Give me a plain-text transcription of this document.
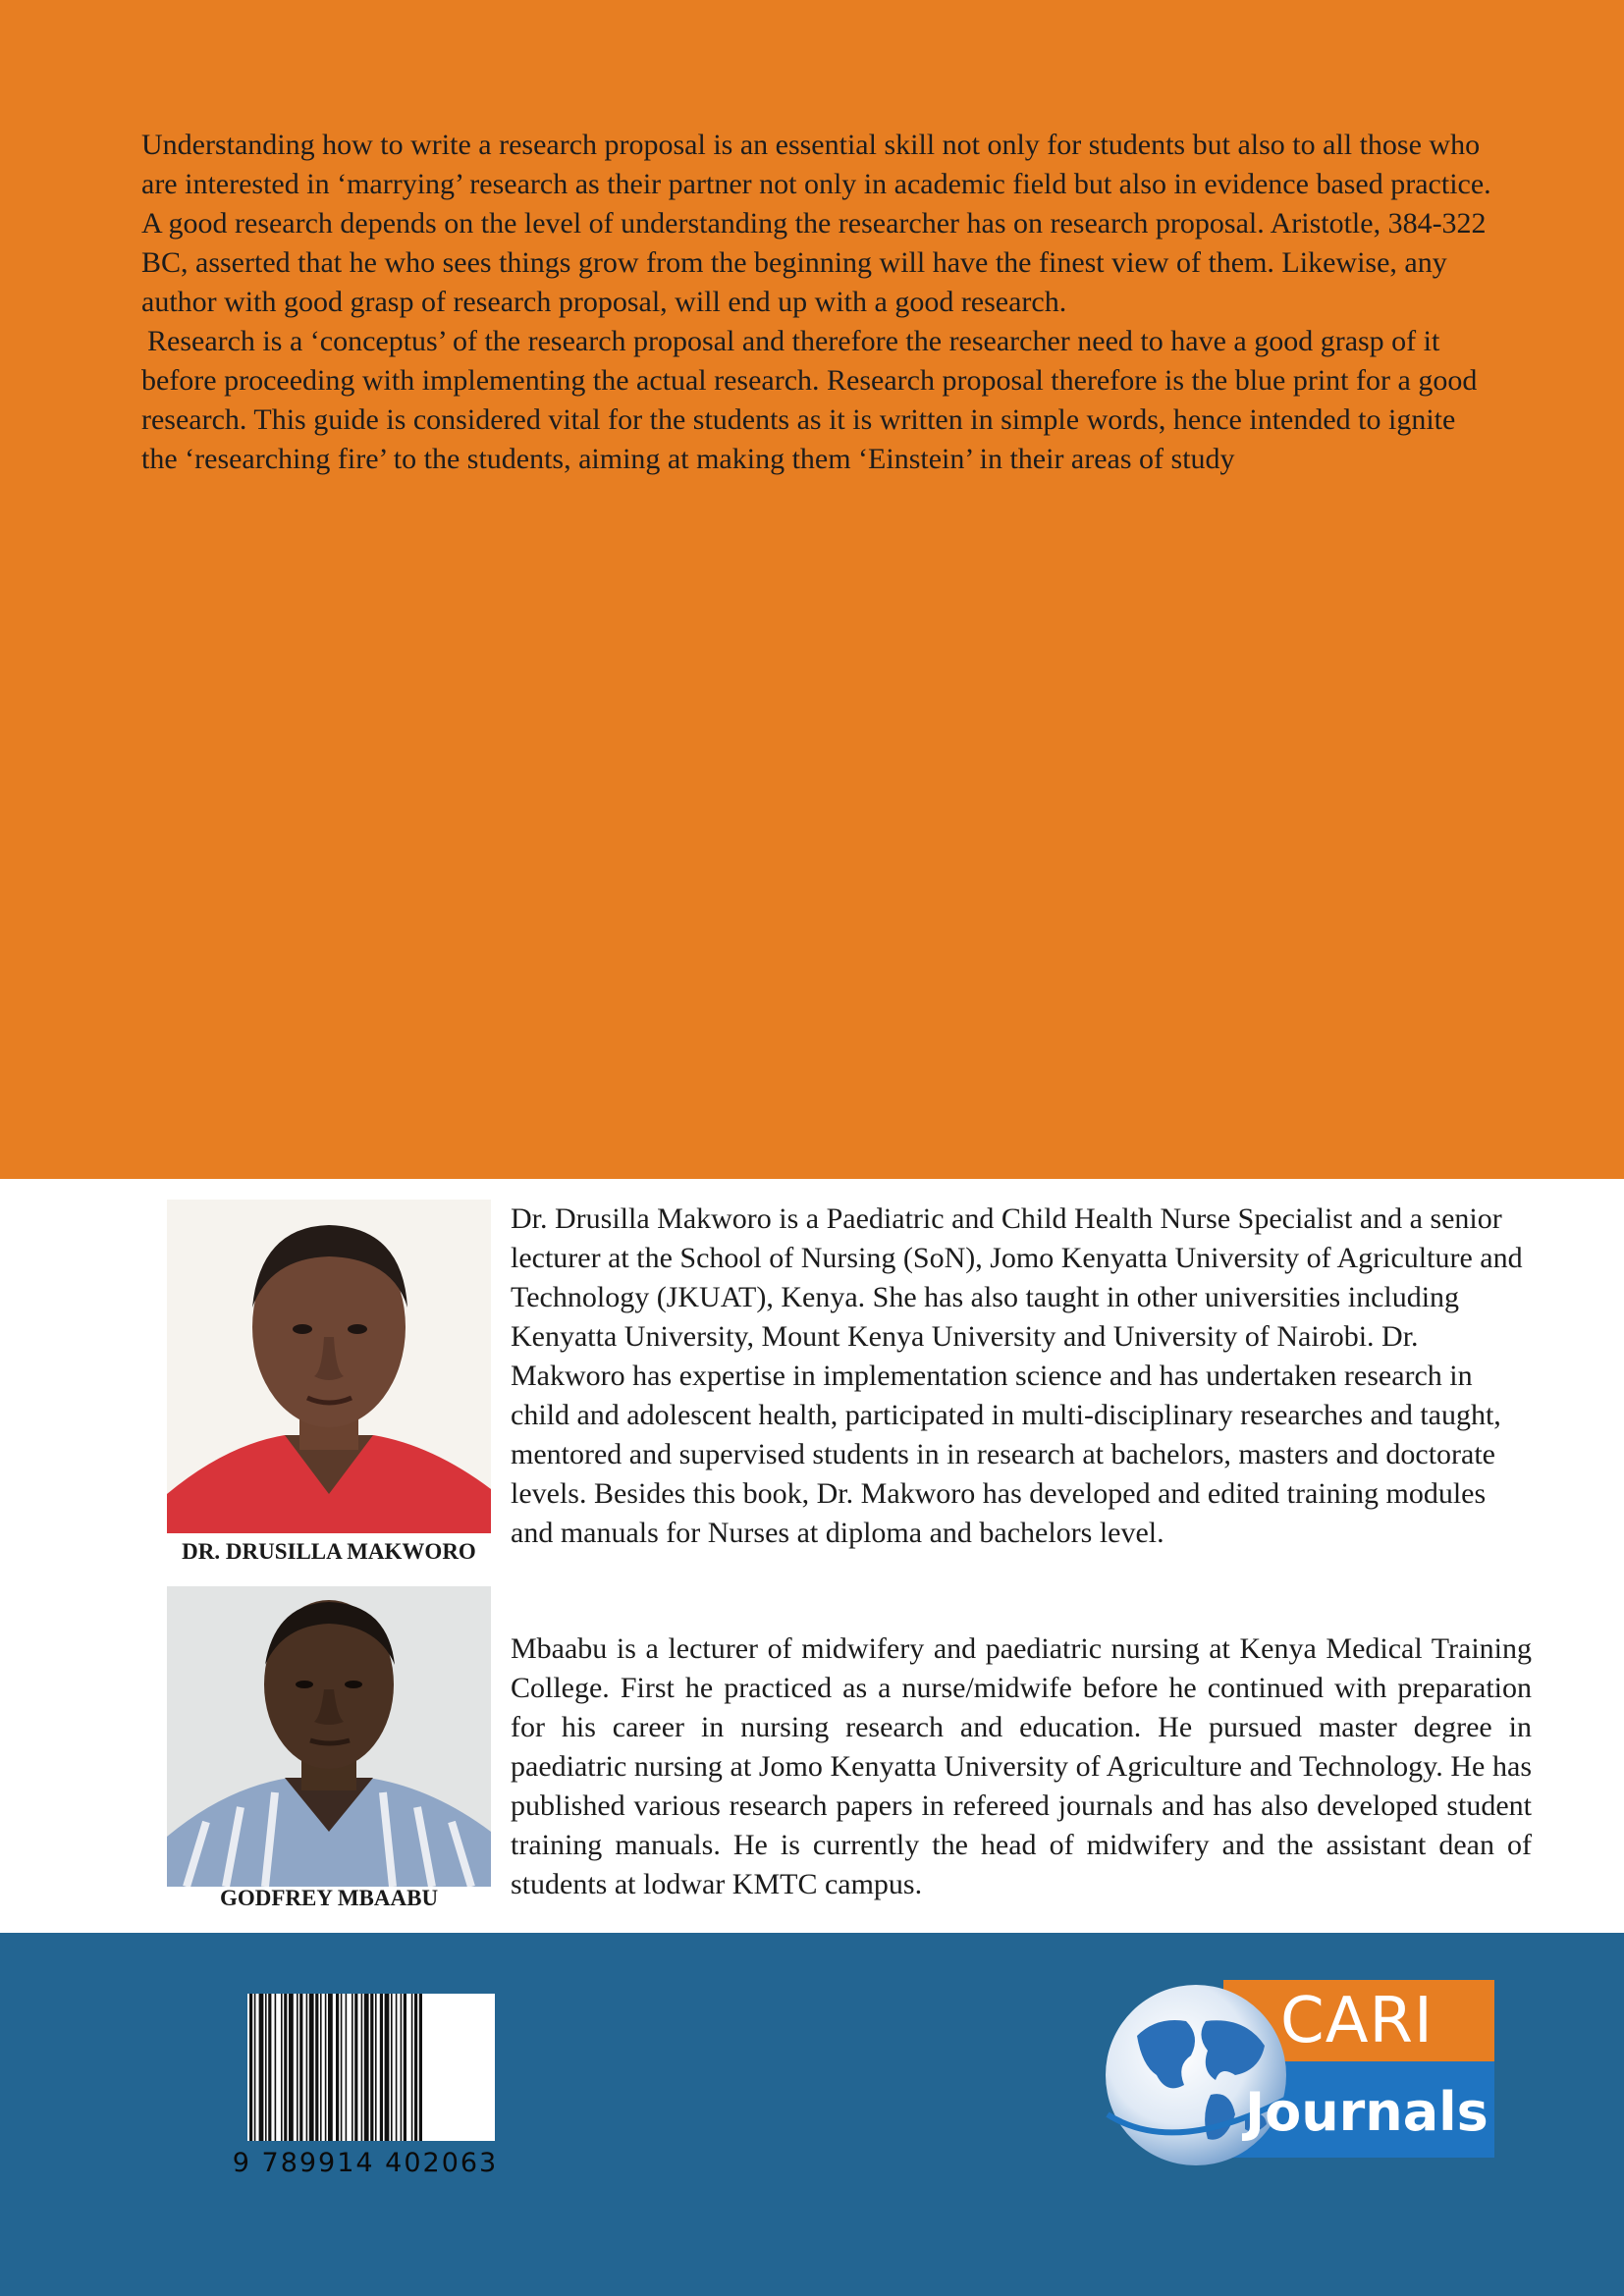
Understanding how to write a research proposal is an essential skill not only for students but also to all those who are interested in ‘marrying’ research as their partner not only in academic field but also in evidence based practice. A good research depends on the level of understanding the researcher has on research proposal. Aristotle, 384-322 BC, asserted that he who sees things grow from the beginning will have the finest view of them. Likewise, any author with good grasp of research proposal, will end up with a good research.

Research is a ‘conceptus’ of the research proposal and therefore the researcher need to have a good grasp of it before proceeding with implementing the actual research. Research proposal therefore is the blue print for a good research. This guide is considered vital for the students as it is written in simple words, hence intended to ignite the ‘researching fire’ to the students, aiming at making them ‘Einstein’ in their areas of study

DR. DRUSILLA MAKWORO
Dr. Drusilla Makworo is a Paediatric and Child Health Nurse Specialist and a senior lecturer at the School of Nursing (SoN), Jomo Kenyatta University of Agriculture and Technology (JKUAT), Kenya. She has also taught in other universities including Kenyatta University, Mount Kenya University and University of Nairobi. Dr. Makworo has expertise in implementation science and has undertaken research in child and adolescent health, participated in multi-disciplinary researches and taught, mentored and supervised students in in research at bachelors, masters and doctorate levels. Besides this book, Dr. Makworo has developed and edited training modules and manuals for Nurses at diploma and bachelors level.
GODFREY MBAABU
Mbaabu is a lecturer of midwifery and paediatric nursing at Kenya Medical Training College. First he practiced as a nurse/midwife before he continued with preparation for his career in nursing research and education. He pursued master degree in paediatric nursing at Jomo Kenyatta University of Agriculture and Technology. He has published various research papers in refereed journals and has also developed student training manuals. He is currently the head of midwifery and the assistant dean of students at lodwar KMTC campus.
9 789914 402063
CARI
Journals
